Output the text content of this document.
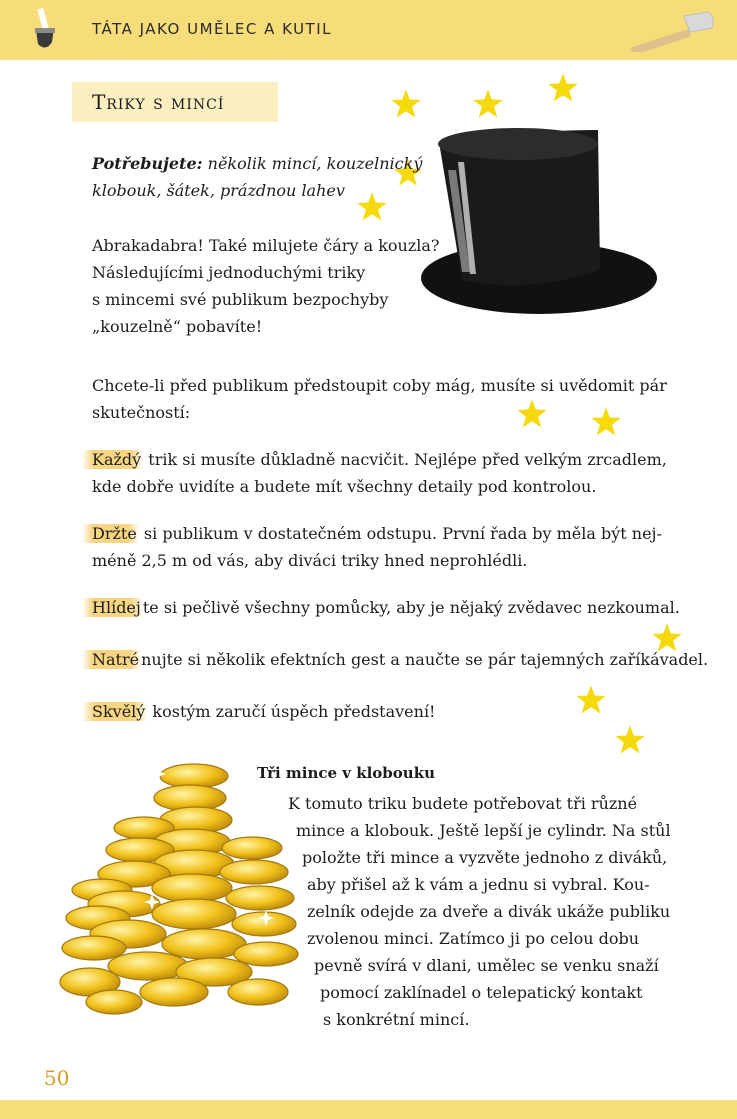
TÁTA JAKO UMĚLEC A KUTIL
Triky s mincí

Potřebujete: několik mincí, kouzelnický
klobouk, šátek, prázdnou lahev

Abrakadabra! Také milujete čáry a kouzla?
Následujícími jednoduchými triky
s mincemi své publikum bezpochyby
„kouzelně“ pobavíte!

Chcete-li před publikum předstoupit coby mág, musíte si uvědomit pár
skutečností:

Každý trik si musíte důkladně nacvičit. Nejlépe před velkým zrcadlem,
kde dobře uvidíte a budete mít všechny detaily pod kontrolou.

Držte si publikum v dostatečném odstupu. První řada by měla být nej-
méně 2,5 m od vás, aby diváci triky hned neprohlédli.

Hlídej te si pečlivě všechny pomůcky, aby je nějaký zvědavec nezkoumal.

Natré nujte si několik efektních gest a naučte se pár tajemných zaříkávadel.

Skvělý kostým zaručí úspěch představení!

Tři mince v klobouku
K tomuto triku budete potřebovat tři různé
mince a klobouk. Ještě lepší je cylindr. Na stůl
položte tři mince a vyzvěte jednoho z diváků,
aby přišel až k vám a jednu si vybral. Kou-
zelník odejde za dveře a divák ukáže publiku
zvolenou minci. Zatímco ji po celou dobu
pevně svírá v dlani, umělec se venku snaží
pomocí zaklínadel o telepatický kontakt
s konkrétní mincí.
50
